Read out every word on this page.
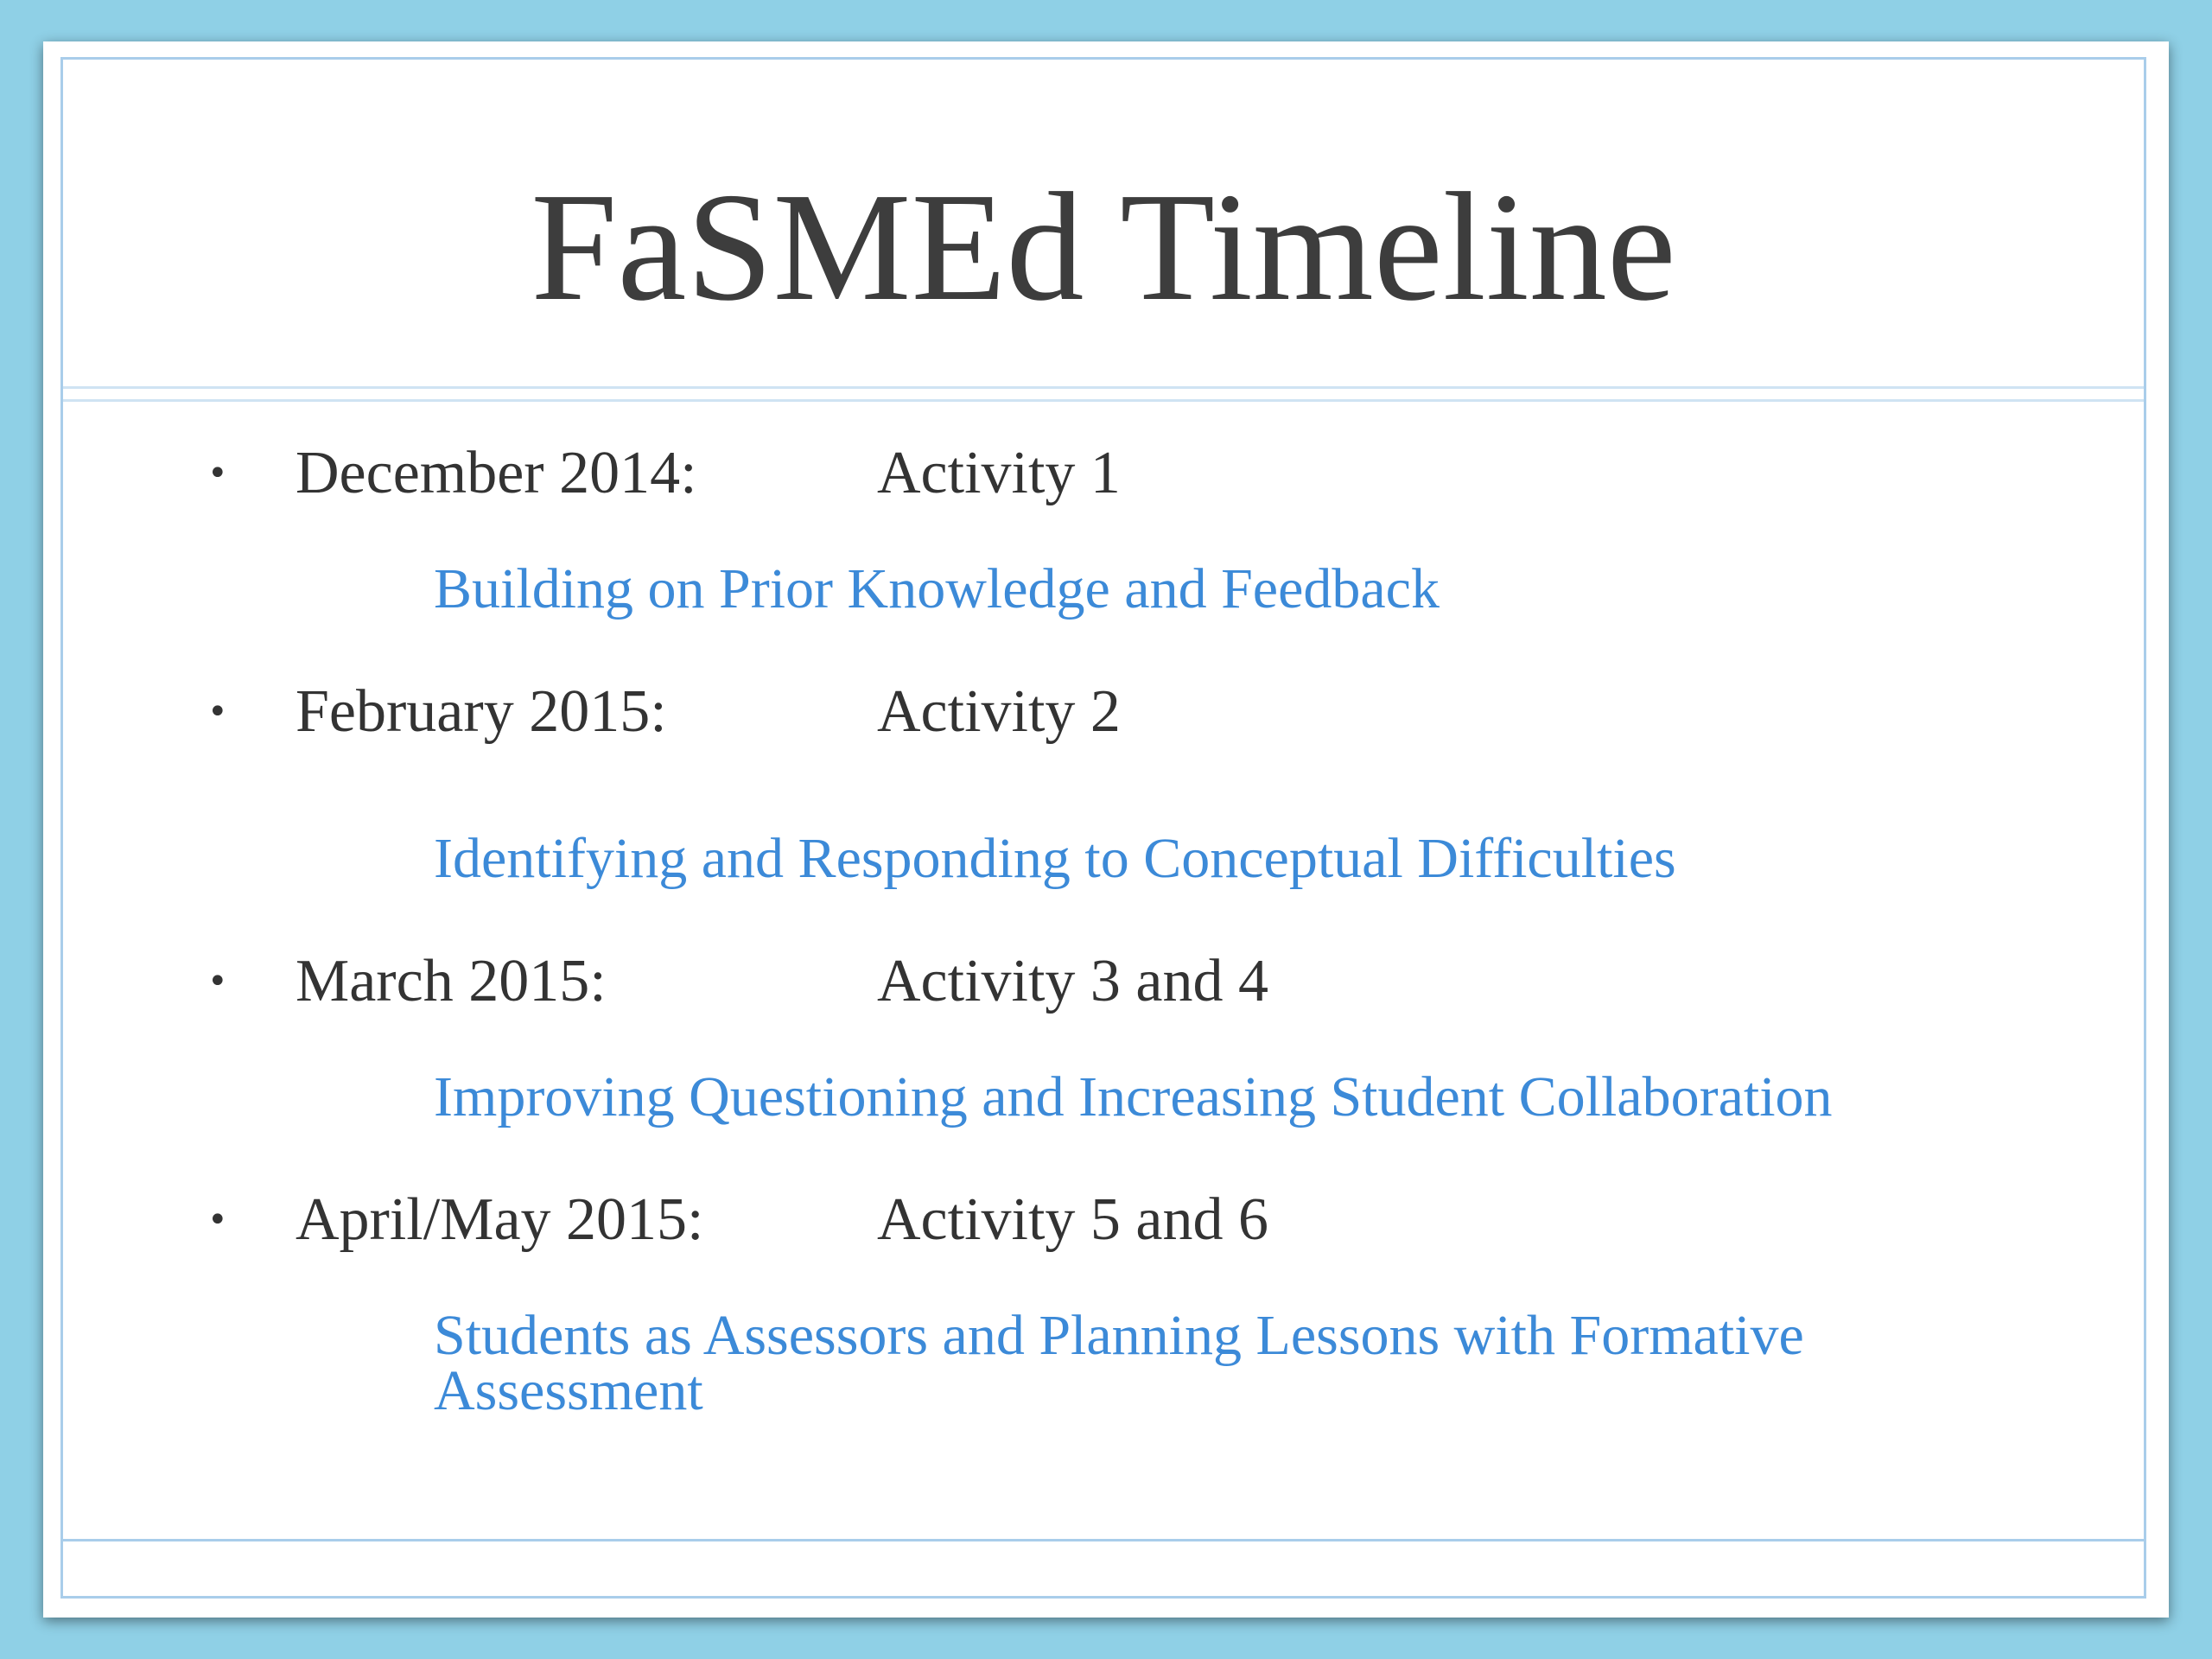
FaSMEd Timeline
• December 2014:	Activity 1
Building on Prior Knowledge and Feedback
• February 2015:	Activity 2
Identifying and Responding to Conceptual Difficulties
• March 2015:	Activity 3 and 4
Improving Questioning and Increasing Student Collaboration
• April/May 2015:	Activity 5 and 6
Students as Assessors and Planning Lessons with Formative Assessment
